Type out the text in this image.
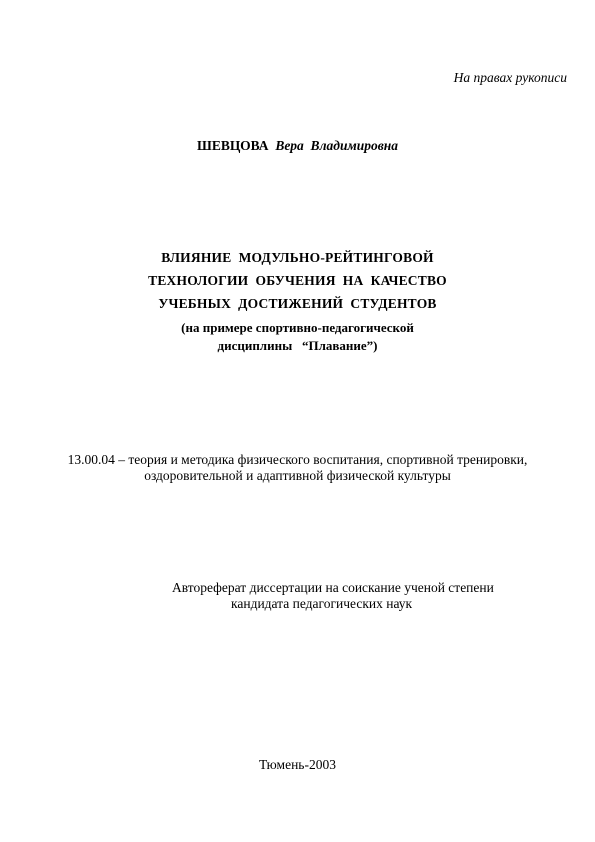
На правах рукописи
ШЕВЦОВА Вера  Владимировна
ВЛИЯНИЕ  МОДУЛЬНО-РЕЙТИНГОВОЙ
ТЕХНОЛОГИИ  ОБУЧЕНИЯ  НА  КАЧЕСТВО
УЧЕБНЫХ  ДОСТИЖЕНИЙ  СТУДЕНТОВ
(на примере спортивно-педагогической
дисциплины   “Плавание”)
13.00.04 – теория и методика физического воспитания, спортивной тренировки,
оздоровительной и адаптивной физической культуры
Автореферат диссертации на соискание ученой степени
кандидата педагогических наук
Тюмень-2003
